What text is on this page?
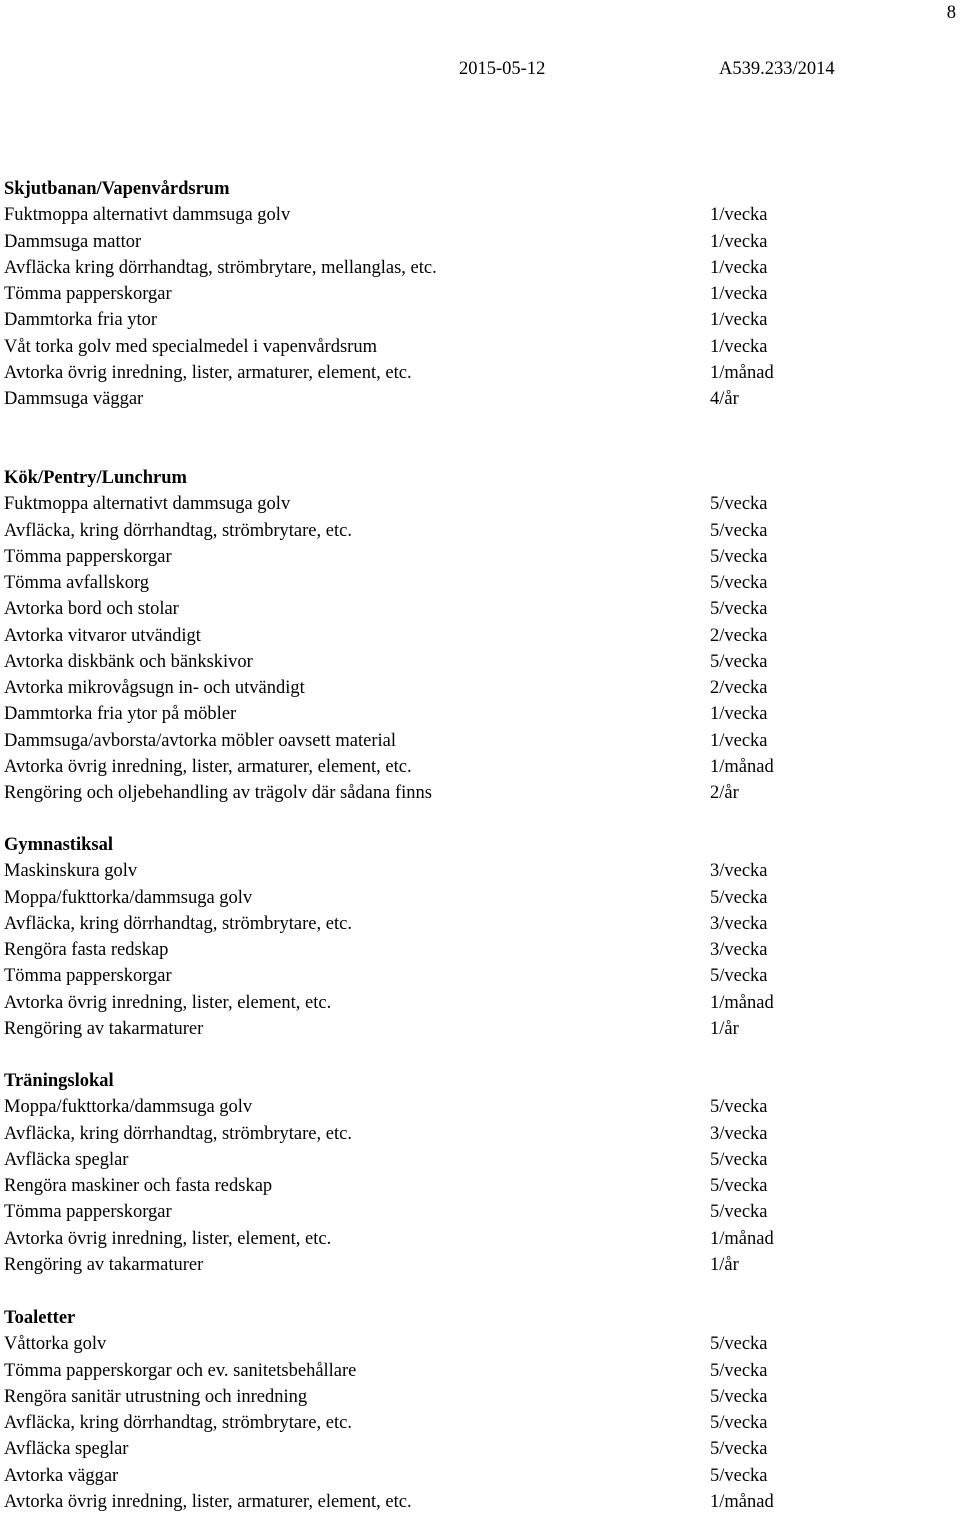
8
2015-05-12	A539.233/2014
Skjutbanan/Vapenvårdsrum
Fuktmoppa alternativt dammsuga golv	1/vecka
Dammsuga mattor	1/vecka
Avfläcka kring dörrhandtag, strömbrytare, mellanglas, etc.	1/vecka
Tömma papperskorgar	1/vecka
Dammtorka fria ytor	1/vecka
Våt torka golv med specialmedel i vapenvårdsrum	1/vecka
Avtorka övrig inredning, lister, armaturer, element, etc.	1/månad
Dammsuga väggar	4/år
Kök/Pentry/Lunchrum
Fuktmoppa alternativt dammsuga golv	5/vecka
Avfläcka, kring dörrhandtag, strömbrytare, etc.	5/vecka
Tömma papperskorgar	5/vecka
Tömma avfallskorg	5/vecka
Avtorka bord och stolar	5/vecka
Avtorka vitvaror utvändigt	2/vecka
Avtorka diskbänk och bänkskivor	5/vecka
Avtorka mikrovågsugn in- och utvändigt	2/vecka
Dammtorka fria ytor på möbler	1/vecka
Dammsuga/avborsta/avtorka möbler oavsett material	1/vecka
Avtorka övrig inredning, lister, armaturer, element, etc.	1/månad
Rengöring och oljebehandling av trägolv där sådana finns	2/år
Gymnastiksal
Maskinskura golv	3/vecka
Moppa/fukttorka/dammsuga golv	5/vecka
Avfläcka, kring dörrhandtag, strömbrytare, etc.	3/vecka
Rengöra fasta redskap	3/vecka
Tömma papperskorgar	5/vecka
Avtorka övrig inredning, lister, element, etc.	1/månad
Rengöring av takarmaturer	1/år
Träningslokal
Moppa/fukttorka/dammsuga golv	5/vecka
Avfläcka, kring dörrhandtag, strömbrytare, etc.	3/vecka
Avfläcka speglar	5/vecka
Rengöra maskiner och fasta redskap	5/vecka
Tömma papperskorgar	5/vecka
Avtorka övrig inredning, lister, element, etc.	1/månad
Rengöring av takarmaturer	1/år
Toaletter
Våttorka golv	5/vecka
Tömma papperskorgar och ev. sanitetsbehållare	5/vecka
Rengöra sanitär utrustning och inredning	5/vecka
Avfläcka, kring dörrhandtag, strömbrytare, etc.	5/vecka
Avfläcka speglar	5/vecka
Avtorka väggar	5/vecka
Avtorka övrig inredning, lister, armaturer, element, etc.	1/månad
